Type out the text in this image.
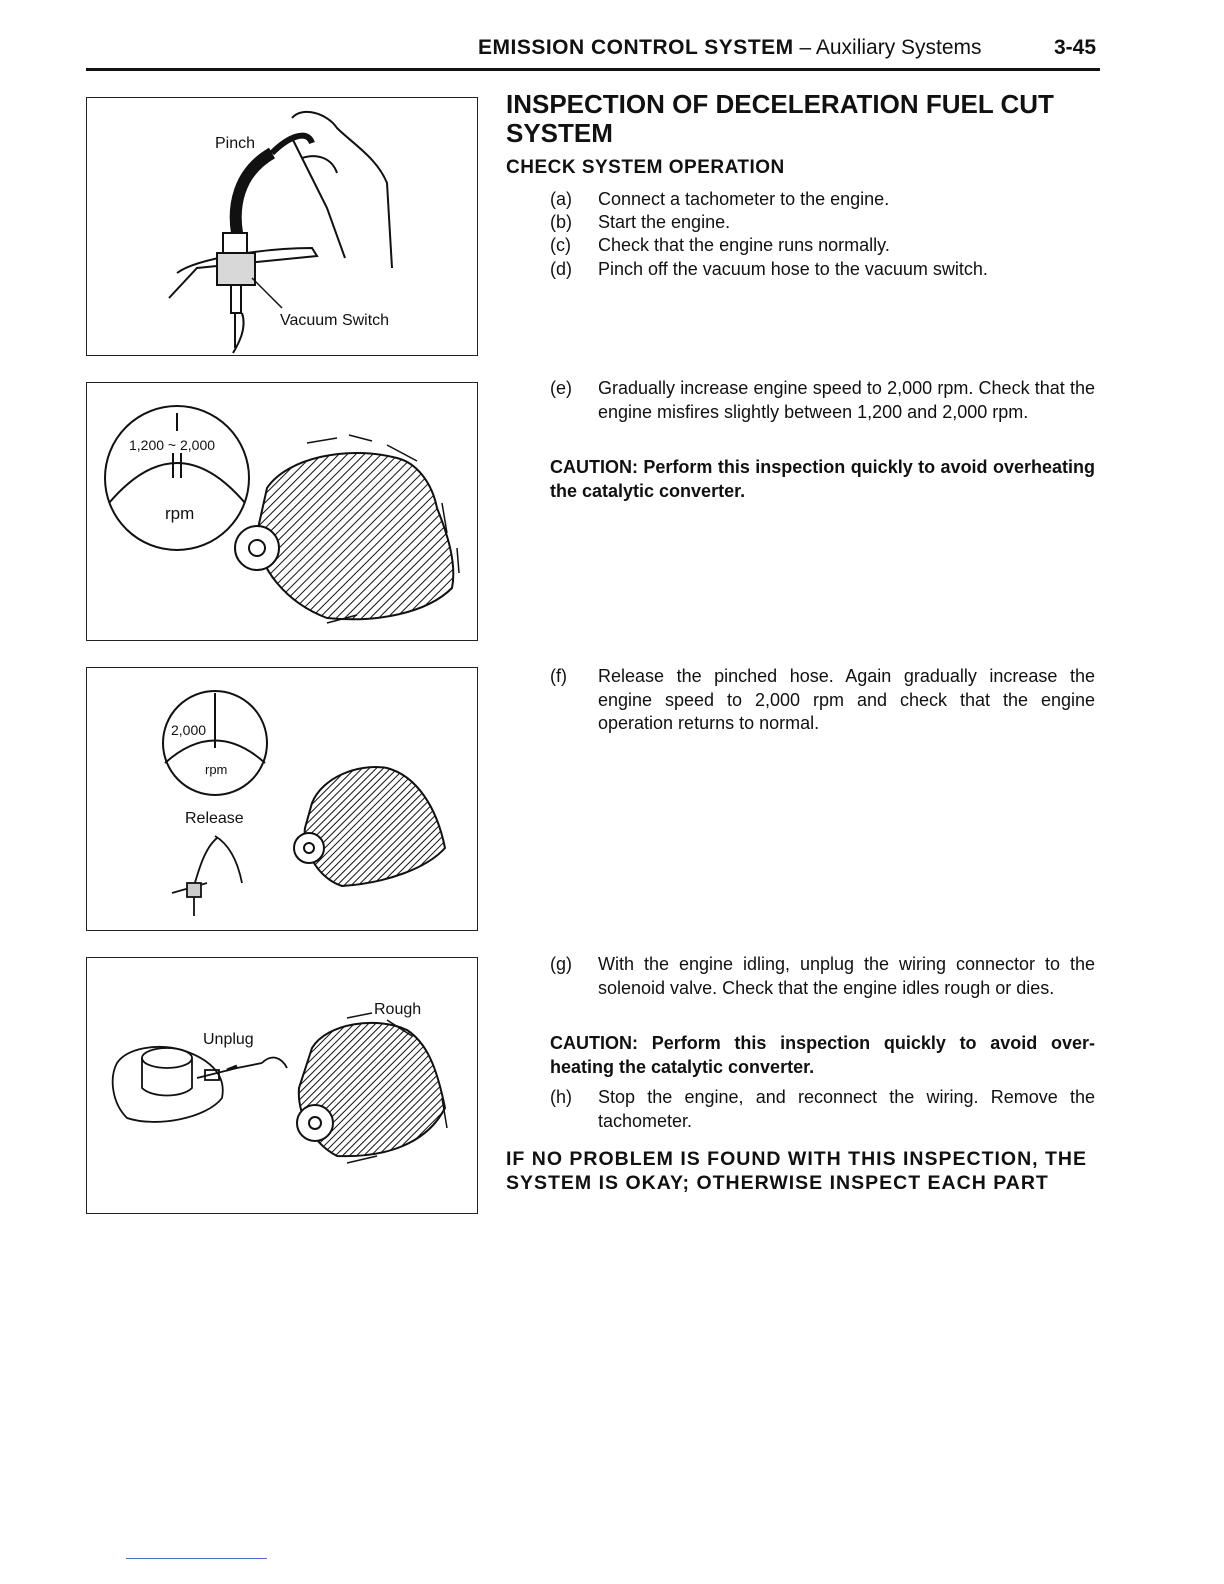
EMISSION CONTROL SYSTEM – Auxiliary Systems	3-45
Pinch
Vacuum Switch
1,200 ~ 2,000
rpm
2,000
rpm
Release
Unplug
Rough
INSPECTION OF DECELERATION FUEL CUT SYSTEM
CHECK SYSTEM OPERATION
(a) Connect a tachometer to the engine.
(b) Start the engine.
(c) Check that the engine runs normally.
(d) Pinch off the vacuum hose to the vacuum switch.
(e) Gradually increase engine speed to 2,000 rpm. Check that the engine misfires slightly between 1,200 and 2,000 rpm.
CAUTION: Perform this inspection quickly to avoid overheating the catalytic converter.
(f) Release the pinched hose. Again gradually increase the engine speed to 2,000 rpm and check that the engine operation returns to normal.
(g) With the engine idling, unplug the wiring connector to the solenoid valve. Check that the engine idles rough or dies.
CAUTION: Perform this inspection quickly to avoid over-heating the catalytic converter.
(h) Stop the engine, and reconnect the wiring. Remove the tachometer.
IF NO PROBLEM IS FOUND WITH THIS INSPECTION, THE SYSTEM IS OKAY; OTHERWISE INSPECT EACH PART
